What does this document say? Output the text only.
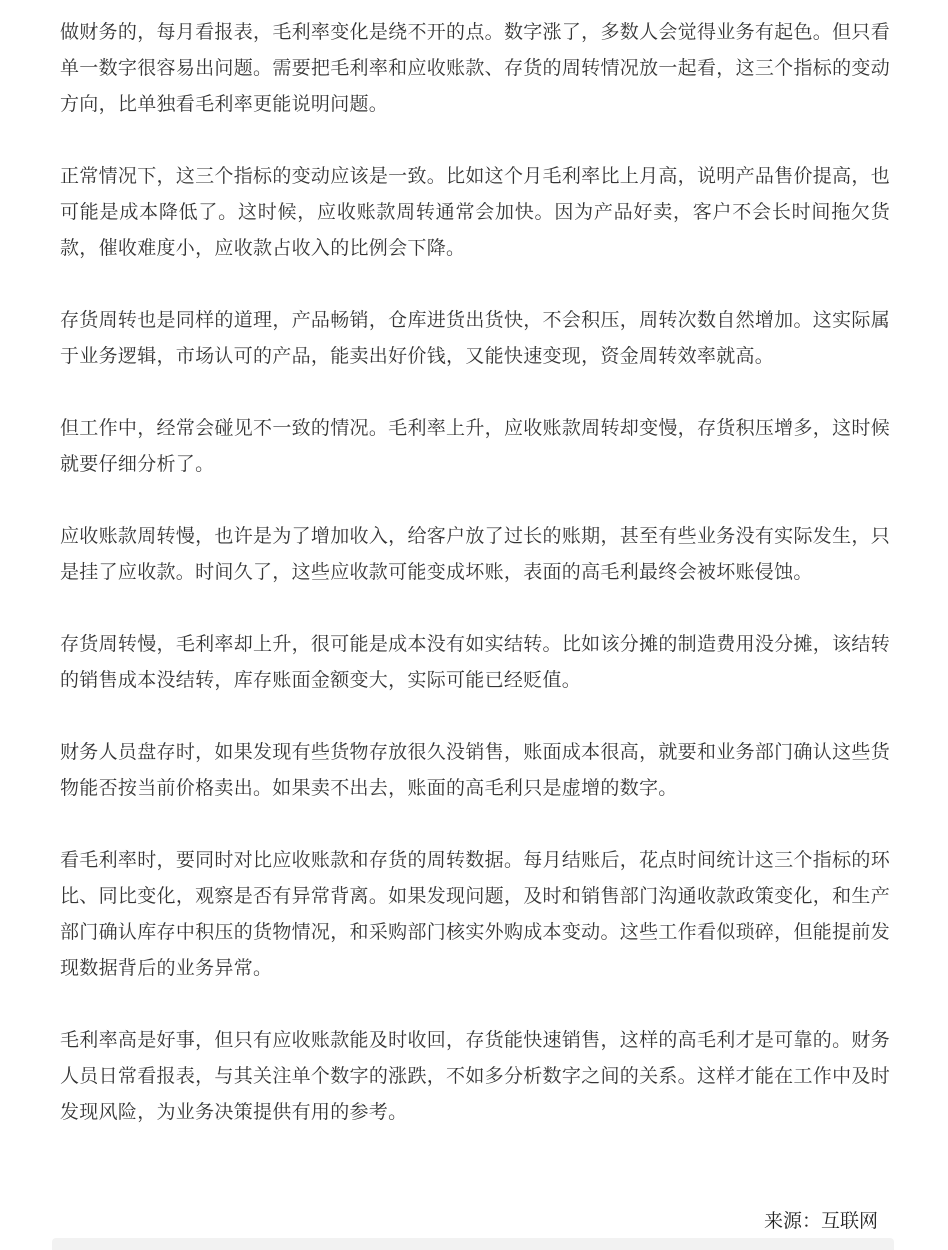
做财务的，每月看报表，毛利率变化是绕不开的点。数字涨了，多数人会觉得业务有起色。但只看单一数字很容易出问题。需要把毛利率和应收账款、存货的周转情况放一起看，这三个指标的变动方向，比单独看毛利率更能说明问题。

正常情况下，这三个指标的变动应该是一致。比如这个月毛利率比上月高，说明产品售价提高，也可能是成本降低了。这时候，应收账款周转通常会加快。因为产品好卖，客户不会长时间拖欠货款，催收难度小，应收款占收入的比例会下降。

存货周转也是同样的道理，产品畅销，仓库进货出货快，不会积压，周转次数自然增加。这实际属于业务逻辑，市场认可的产品，能卖出好价钱，又能快速变现，资金周转效率就高。

但工作中，经常会碰见不一致的情况。毛利率上升，应收账款周转却变慢，存货积压增多，这时候就要仔细分析了。

应收账款周转慢，也许是为了增加收入，给客户放了过长的账期，甚至有些业务没有实际发生，只是挂了应收款。时间久了，这些应收款可能变成坏账，表面的高毛利最终会被坏账侵蚀。

存货周转慢，毛利率却上升，很可能是成本没有如实结转。比如该分摊的制造费用没分摊，该结转的销售成本没结转，库存账面金额变大，实际可能已经贬值。

财务人员盘存时，如果发现有些货物存放很久没销售，账面成本很高，就要和业务部门确认这些货物能否按当前价格卖出。如果卖不出去，账面的高毛利只是虚增的数字。

看毛利率时，要同时对比应收账款和存货的周转数据。每月结账后，花点时间统计这三个指标的环比、同比变化，观察是否有异常背离。如果发现问题，及时和销售部门沟通收款政策变化，和生产部门确认库存中积压的货物情况，和采购部门核实外购成本变动。这些工作看似琐碎，但能提前发现数据背后的业务异常。

毛利率高是好事，但只有应收账款能及时收回，存货能快速销售，这样的高毛利才是可靠的。财务人员日常看报表，与其关注单个数字的涨跌，不如多分析数字之间的关系。这样才能在工作中及时发现风险，为业务决策提供有用的参考。

来源：互联网
